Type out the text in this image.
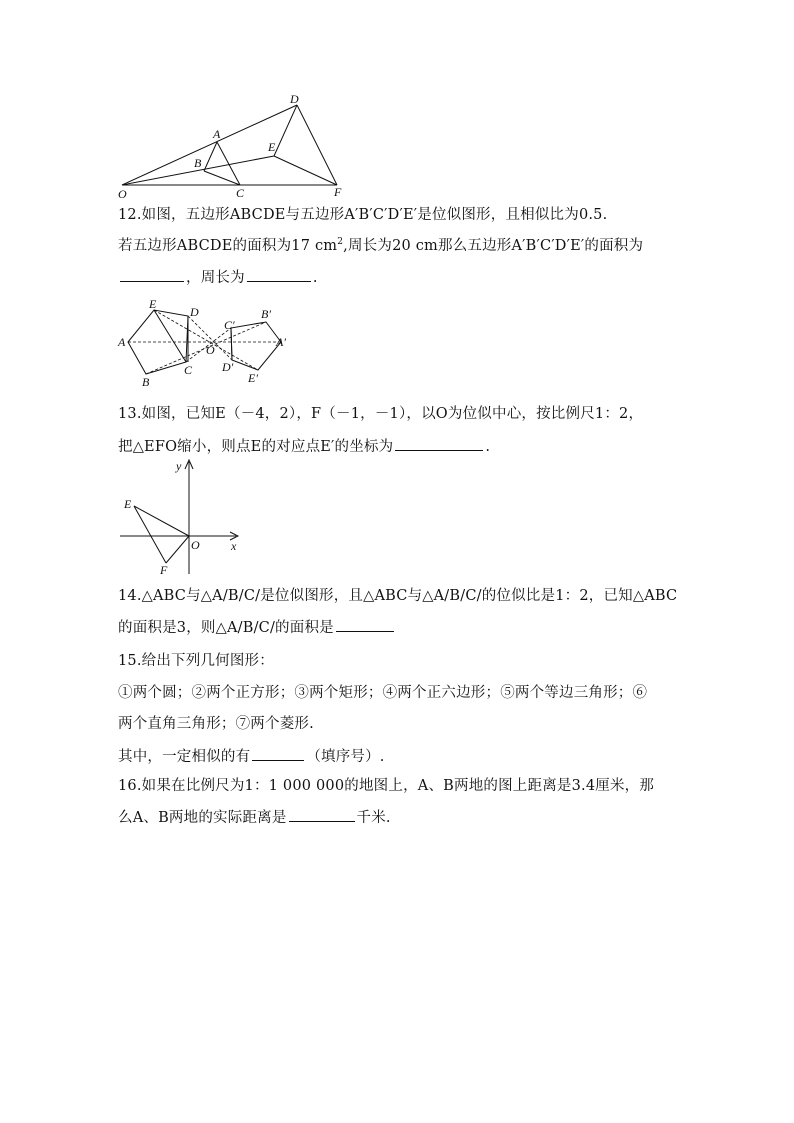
D
A
E
B
C
O	F
12.如图，五边形ABCDE与五边形A′B′C′D′E′是位似图形，且相似比为0.5.
若五边形ABCDE的面积为17 $cm^2$,周长为20 cm那么五边形A′B′C′D′E′的面积为
，周长为	.
A
E
D
C
B
O
C′
B′
A′
D′
E′
13.如图，已知E（－4，2），F（－1，－1），以O为位似中心，按比例尺1：2，
把△EFO缩小，则点E的对应点E′的坐标为	.
y
x
E
O
F
14.△ABC与△A/B/C/是位似图形，且△ABC与△A/B/C/的位似比是1：2，已知△ABC
的面积是3，则△A/B/C/的面积是
15.给出下列几何图形：
①两个圆；②两个正方形；③两个矩形；④两个正六边形；⑤两个等边三角形；⑥
两个直角三角形；⑦两个菱形.
其中，一定相似的有	（填序号）.
16.如果在比例尺为1：1 000 000的地图上，A、B两地的图上距离是3.4厘米，那
么A、B两地的实际距离是	千米.
